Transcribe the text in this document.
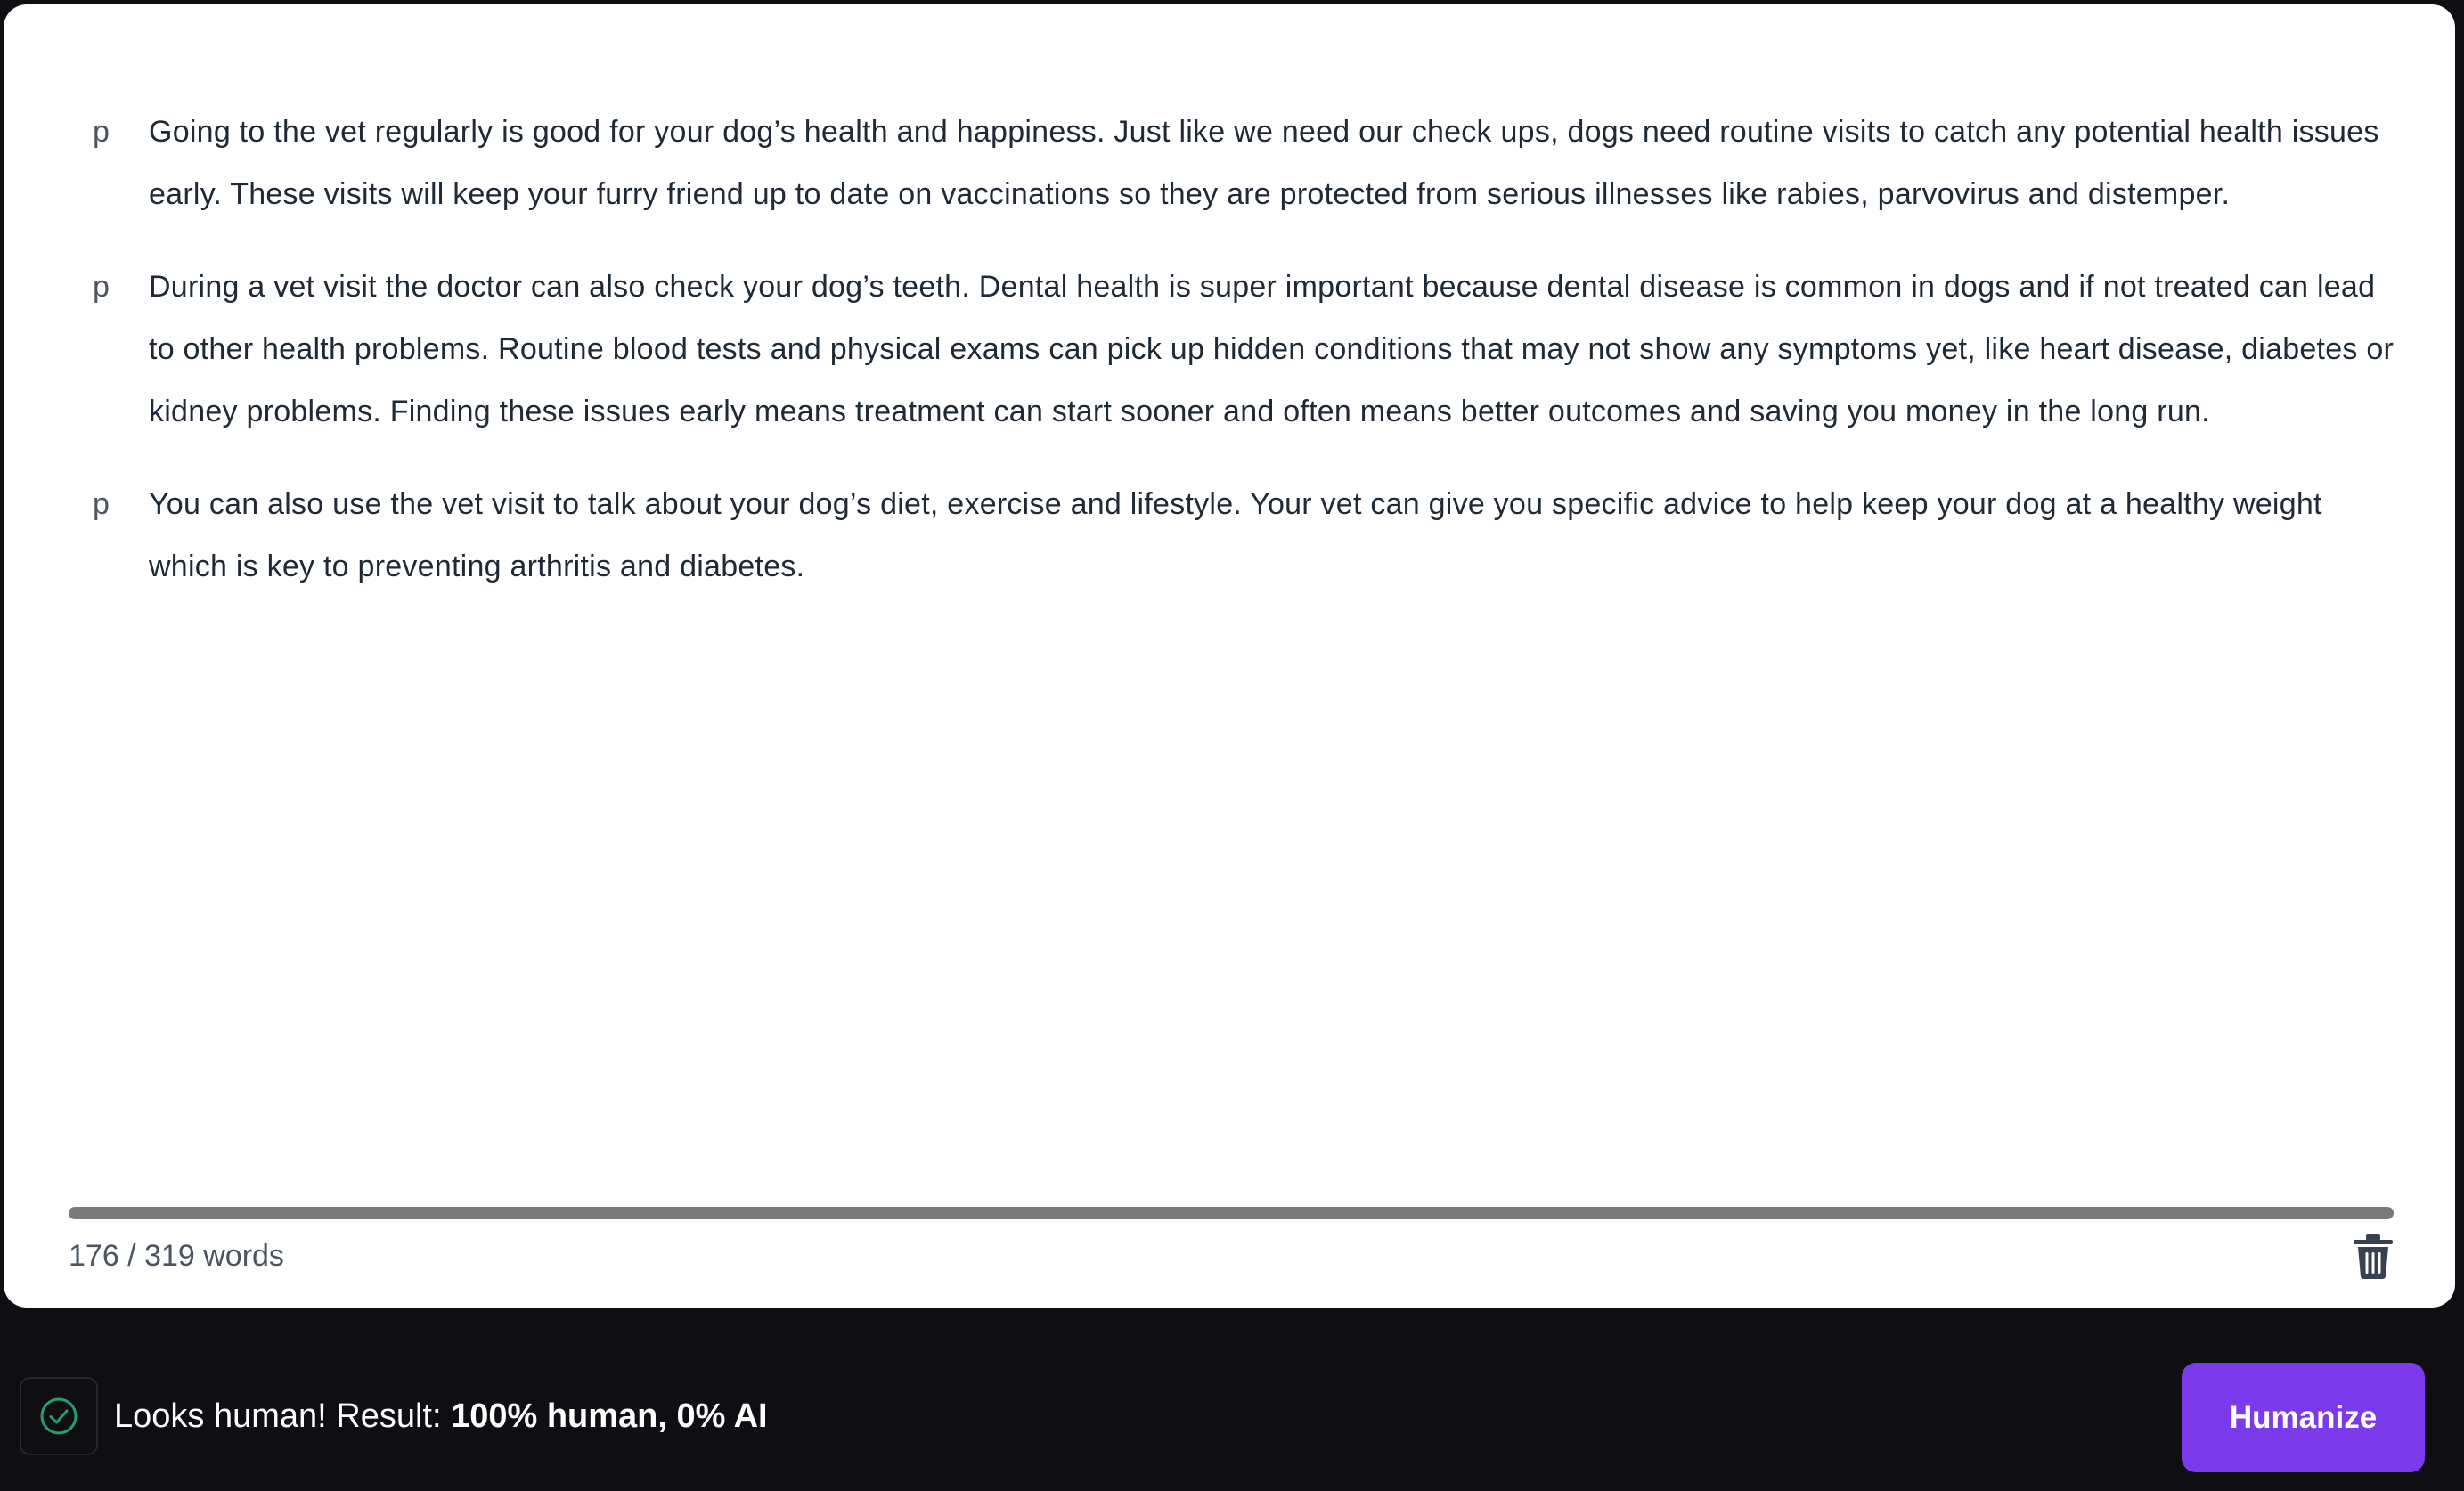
p	Going to the vet regularly is good for your dog’s health and happiness. Just like we need our check ups, dogs need routine visits to catch any potential health issues early. These visits will keep your furry friend up to date on vaccinations so they are protected from serious illnesses like rabies, parvovirus and distemper.
p	During a vet visit the doctor can also check your dog’s teeth. Dental health is super important because dental disease is common in dogs and if not treated can lead to other health problems. Routine blood tests and physical exams can pick up hidden conditions that may not show any symptoms yet, like heart disease, diabetes or kidney problems. Finding these issues early means treatment can start sooner and often means better outcomes and saving you money in the long run.
p	You can also use the vet visit to talk about your dog’s diet, exercise and lifestyle. Your vet can give you specific advice to help keep your dog at a healthy weight which is key to preventing arthritis and diabetes.
176 / 319 words
Looks human! Result: 100% human, 0% AI	Humanize
